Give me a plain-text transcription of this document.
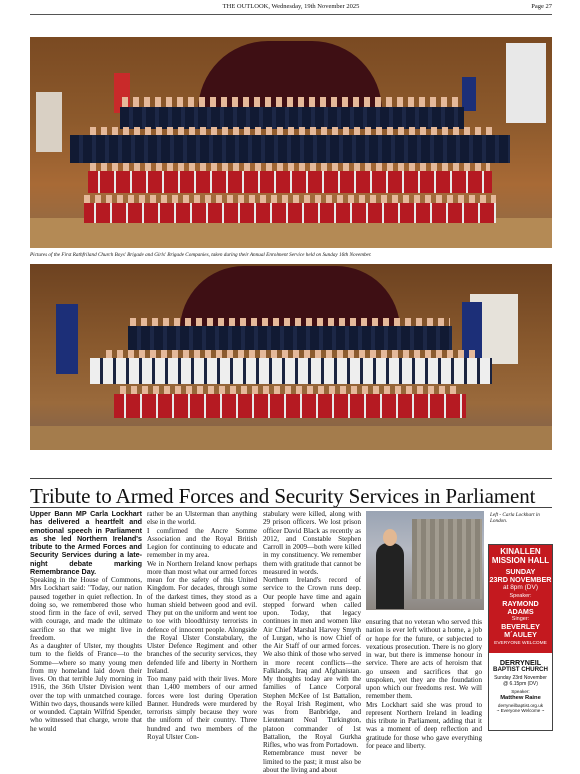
THE OUTLOOK, Wednesday, 19th November 2025	Page 27
Pictures of the First Rathfriland Church Boys' Brigade and Girls' Brigade Companies, taken during their Annual Enrolment Service held on Sunday 16th November.
Tribute to Armed Forces and Security Services in Parliament

Upper Bann MP Carla Lockhart has delivered a heartfelt and emotional speech in Parliament as she led Northern Ireland's tribute to the Armed Forces and Security Services during a late-night debate marking Remembrance Day.

Speaking in the House of Commons, Mrs Lockhart said: "Today, our nation paused together in quiet reflection. In doing so, we remembered those who stood firm in the face of evil, served with courage, and made the ultimate sacrifice so that we might live in freedom.

As a daughter of Ulster, my thoughts turn to the fields of France—to the Somme—where so many young men from my homeland laid down their lives. On that terrible July morning in 1916, the 36th Ulster Division went over the top with unmatched courage. Within two days, thousands were killed or wounded. Captain Wilfrid Spender, who witnessed that charge, wrote that he would

rather be an Ulsterman than anything else in the world.

I comfirmed the Ancre Somme Association and the Royal British Legion for continuing to educate and remember in my area.

We in Northern Ireland know perhaps more than most what our armed forces mean for the safety of this United Kingdom. For decades, through some of the darkest times, they stood as a human shield between good and evil. They put on the uniform and went toe to toe with bloodthirsty terrorists in defence of innocent people. Alongside the Royal Ulster Constabulary, the Ulster Defence Regiment and other branches of the security services, they defended life and liberty in Northern Ireland.

Too many paid with their lives. More than 1,400 members of our armed forces were lost during Operation Banner. Hundreds were murdered by terrorists simply because they wore the uniform of their country. Three hundred and two members of the Royal Ulster Con-

stabulary were killed, along with 29 prison officers. We lost prison officer David Black as recently as 2012, and Constable Stephen Carroll in 2009—both were killed in my constituency. We remember them with gratitude that cannot be measured in words.

Northern Ireland's record of service to the Crown runs deep. Our people have time and again stepped forward when called upon. Today, that legacy continues in men and women like Air Chief Marshal Harvey Smyth of Lurgan, who is now Chief of the Air Staff of our armed forces. We also think of those who served in more recent conflicts—the Falklands, Iraq and Afghanistan. My thoughts today are with the families of Lance Corporal Stephen McKee of 1st Battalion, the Royal Irish Regiment, who was from Banbridge, and Lieutenant Neal Turkington, platoon commander of 1st Battalion, the Royal Gurkha Rifles, who was from Portadown.

Remembrance must never be limited to the past; it must also be about the living and about

Left - Carla Lockhart in London.

ensuring that no veteran who served this nation is ever left without a home, a job or hope for the future, or subjected to vexatious prosecution. There is no glory in war, but there is immense honour in service. There are acts of heroism that go unseen and sacrifices that go unspoken, yet they are the foundation upon which our freedoms rest. We will remember them.

Mrs Lockhart said she was proud to represent Northern Ireland in leading this tribute in Parliament, adding that it was a moment of deep reflection and gratitude for those who gave everything for peace and liberty.

KINALLEN
MISSION HALL
SUNDAY
23RD NOVEMBER
at 8pm (DV)
Speaker:
RAYMOND
ADAMS
Singer:
BEVERLEY
M´AULEY
EVERYONE WELCOME
DERRYNEIL
BAPTIST CHURCH
Sunday 23rd November
@ 6.15pm (DV)
Speaker:
Matthew Raine
derryneilbaptist.org.uk
~ Everyone Welcome ~
